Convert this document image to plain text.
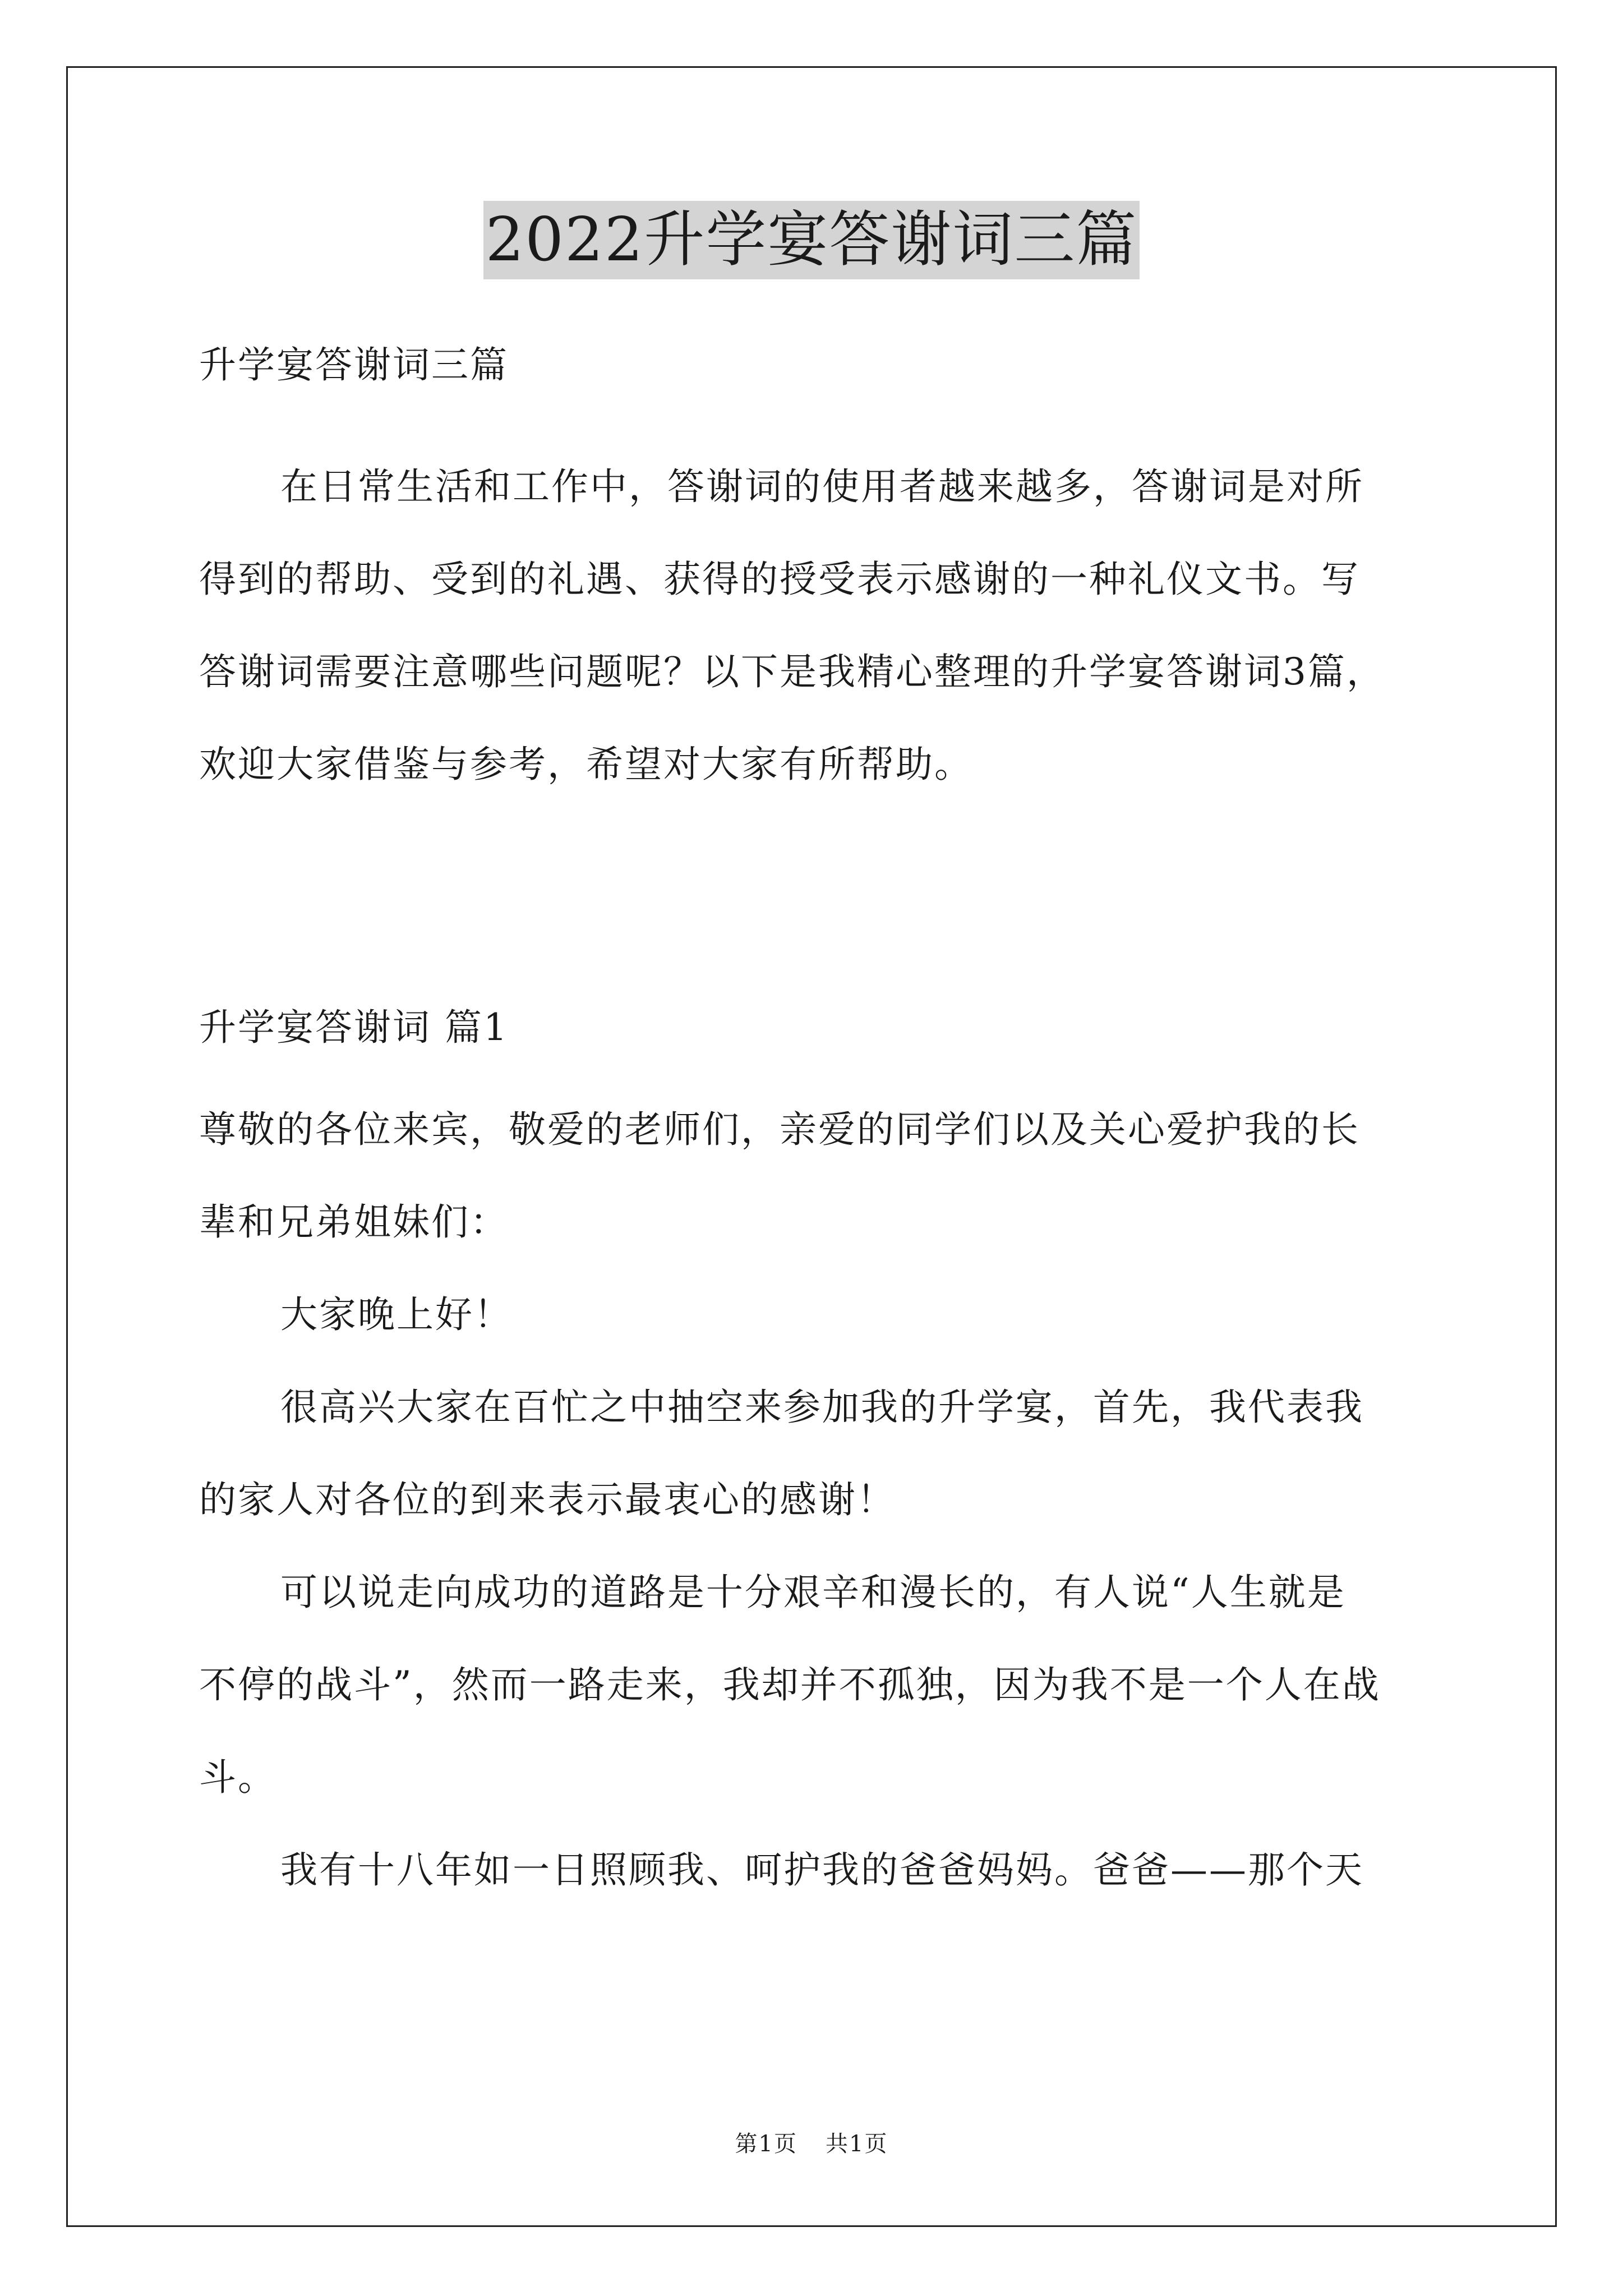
2022升学宴答谢词三篇
升学宴答谢词三篇
在日常生活和工作中，答谢词的使用者越来越多，答谢词是对所
得到的帮助、受到的礼遇、获得的授受表示感谢的一种礼仪文书。写
答谢词需要注意哪些问题呢？以下是我精心整理的升学宴答谢词3篇，
欢迎大家借鉴与参考，希望对大家有所帮助。
升学宴答谢词 篇1
尊敬的各位来宾，敬爱的老师们，亲爱的同学们以及关心爱护我的长
辈和兄弟姐妹们：
大家晚上好！
很高兴大家在百忙之中抽空来参加我的升学宴，首先，我代表我
的家人对各位的到来表示最衷心的感谢！
可以说走向成功的道路是十分艰辛和漫长的，有人说“人生就是
不停的战斗”，然而一路走来，我却并不孤独，因为我不是一个人在战
斗。
我有十八年如一日照顾我、呵护我的爸爸妈妈。爸爸——那个天
第1页 共1页
